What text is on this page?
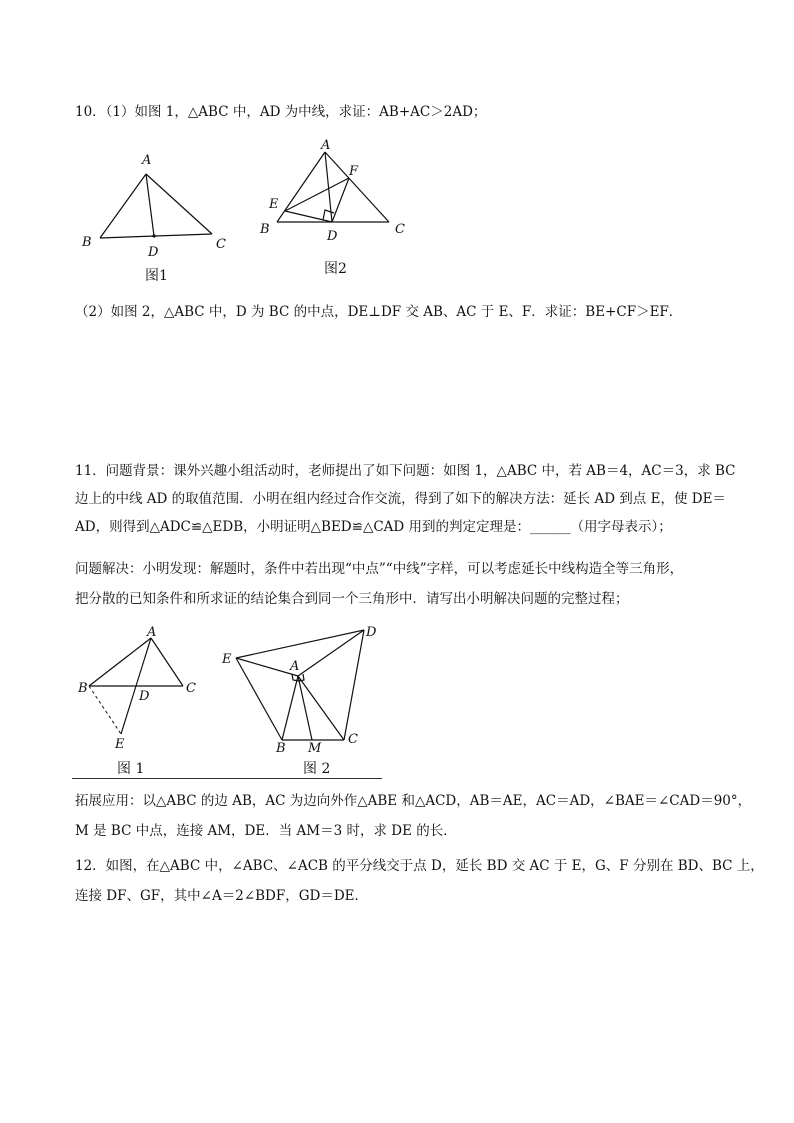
10．（1）如图 1，△ABC 中，AD 为中线，求证：AB+AC＞2AD；
A
B	C
D
图1
A
F
E
B	C
D
图2
（2）如图 2，△ABC 中，D 为 BC 的中点，DE⊥DF 交 AB、AC 于 E、F．求证：BE+CF＞EF．
11．问题背景：课外兴趣小组活动时，老师提出了如下问题：如图 1，△ABC 中，若 AB＝4，AC＝3，求 BC
边上的中线 AD 的取值范围．小明在组内经过合作交流，得到了如下的解决方法：延长 AD 到点 E，使 DE＝
AD，则得到△ADC≌△EDB，小明证明△BED≌△CAD 用到的判定定理是：______（用字母表示）；
问题解决：小明发现：解题时，条件中若出现“中点”“中线”字样，可以考虑延长中线构造全等三角形，
把分散的已知条件和所求证的结论集合到同一个三角形中．请写出小明解决问题的完整过程；
A
B	C
D
E
图 1
A
D
E
B M
C
图 2
拓展应用：以△ABC 的边 AB，AC 为边向外作△ABE 和△ACD，AB＝AE，AC＝AD，∠BAE＝∠CAD＝90°，
M 是 BC 中点，连接 AM，DE．当 AM＝3 时，求 DE 的长．
12．如图，在△ABC 中，∠ABC、∠ACB 的平分线交于点 D，延长 BD 交 AC 于 E，G、F 分别在 BD、BC 上，
连接 DF、GF，其中∠A＝2∠BDF，GD＝DE．
